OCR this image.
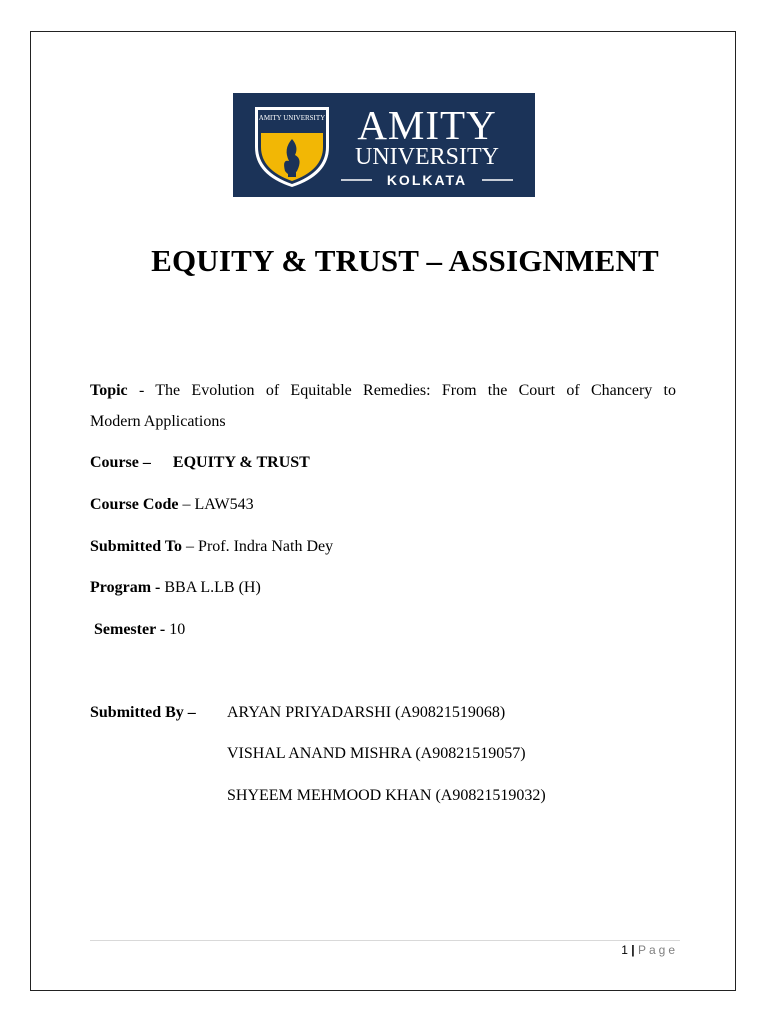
AMITY UNIVERSITY AMITY
UNIVERSITY
KOLKATA
EQUITY & TRUST – ASSIGNMENT
Topic - The Evolution of Equitable Remedies: From the Court of Chancery to
Modern Applications
Course – EQUITY & TRUST
Course Code – LAW543
Submitted To – Prof. Indra Nath Dey
Program - BBA L.LB (H)
Semester - 10
Submitted By – ARYAN PRIYADARSHI (A90821519068)
VISHAL ANAND MISHRA (A90821519057)
SHYEEM MEHMOOD KHAN (A90821519032)
1 | Page
